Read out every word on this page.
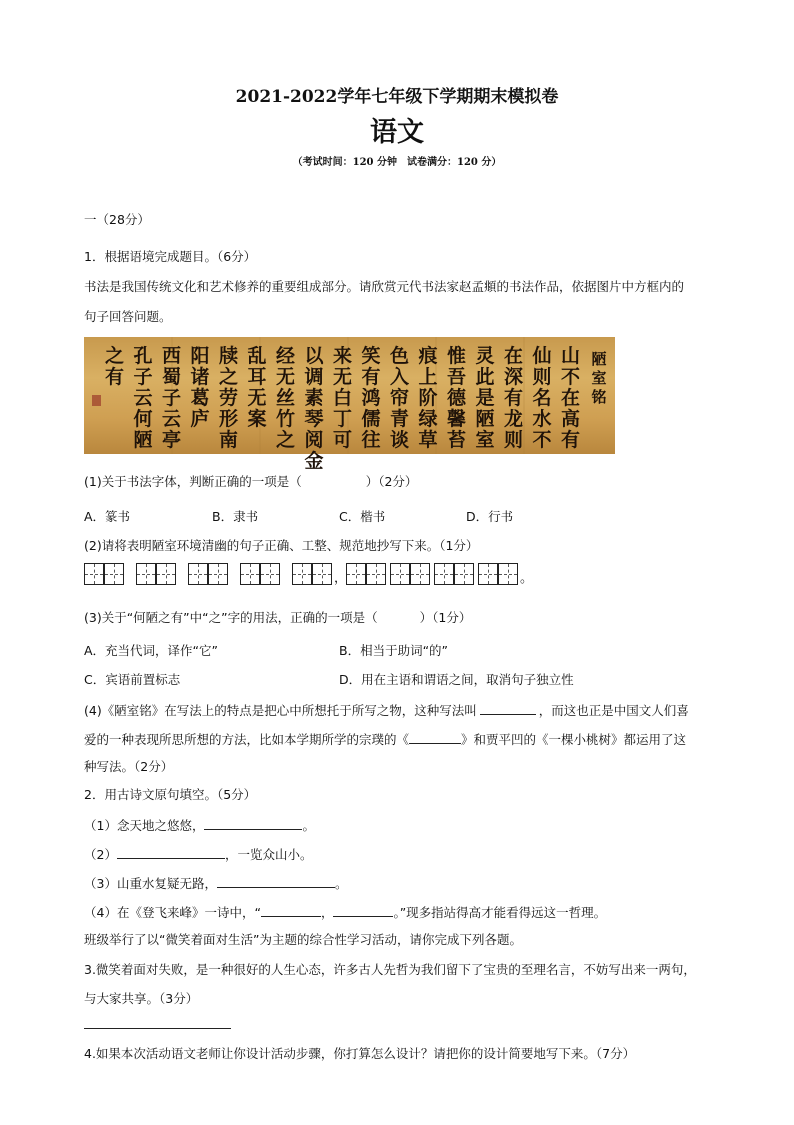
2021-2022学年七年级下学期期末模拟卷
语文
（考试时间：120 分钟　试卷满分：120 分）
一（28分）
1．根据语境完成题目。（6分）
书法是我国传统文化和艺术修养的重要组成部分。请欣赏元代书法家赵孟頫的书法作品，依据图片中方框内的
句子回答问题。
陋
室
铭
山
不
在
高
有
仙
则
名
水
不
在
深
有
龙
则
灵
此
是
陋
室
惟
吾
德
馨
苔
痕
上
阶
绿
草
色
入
帘
青
谈
笑
有
鸿
儒
往
来
无
白
丁
可
以
调
素
琴
阅
金
经
无
丝
竹
之
乱
耳
无
案
牍
之
劳
形
南
阳
诸
葛
庐
西
蜀
子
云
亭
孔
子
云
何
陋
之
有
(1)关于书法字体，判断正确的一项是（	）（2分）
A．篆书	B．隶书	C．楷书	D．行书
(2)请将表明陋室环境清幽的句子正确、工整、规范地抄写下来。（1分）
，	。
(3)关于“何陋之有”中“之”字的用法，正确的一项是（	）（1分）
A．充当代词，译作“它”	B．相当于助词“的”
C．宾语前置标志	D．用在主语和谓语之间，取消句子独立性
(4)《陋室铭》在写法上的特点是把心中所想托于所写之物，这种写法叫	，而这也正是中国文人们喜
爱的一种表现所思所想的方法，比如本学期所学的宗璞的《	》和贾平凹的《一棵小桃树》都运用了这
种写法。（2分）
2．用古诗文原句填空。（5分）
（1）念天地之悠悠，	。
（2）	，一览众山小。
（3）山重水复疑无路，	。
（4）在《登飞来峰》一诗中，“	，	。”现多指站得高才能看得远这一哲理。
班级举行了以“微笑着面对生活”为主题的综合性学习活动，请你完成下列各题。
3.微笑着面对失败，是一种很好的人生心态，许多古人先哲为我们留下了宝贵的至理名言，不妨写出来一两句，
与大家共享。（3分）
4.如果本次活动语文老师让你设计活动步骤，你打算怎么设计？请把你的设计简要地写下来。（7分）
